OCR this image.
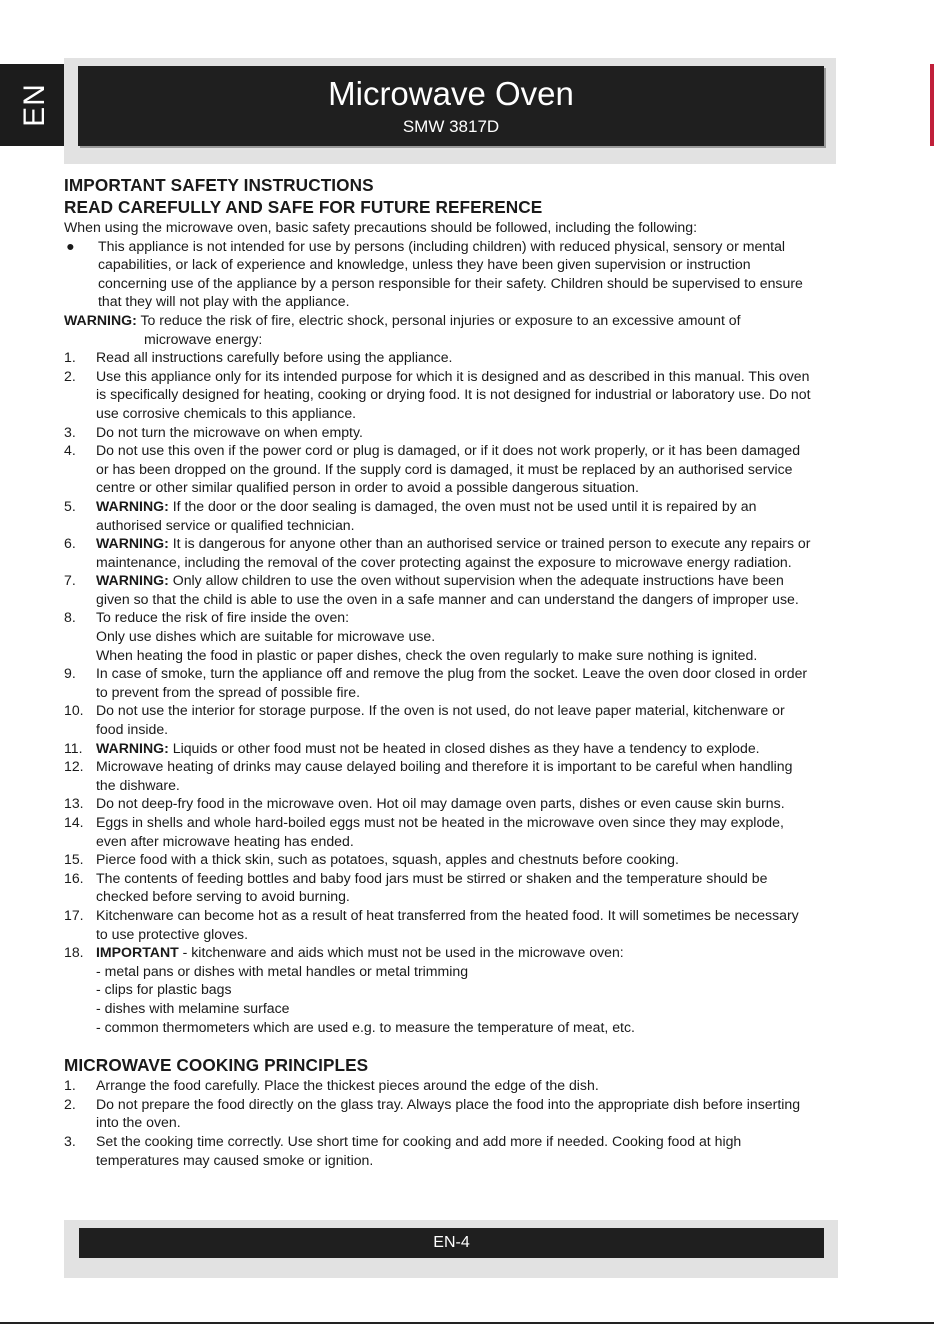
EN	Microwave Oven
SMW 3817D
IMPORTANT SAFETY INSTRUCTIONS
READ CAREFULLY AND SAFE FOR FUTURE REFERENCE

When using the microwave oven, basic safety precautions should be followed, including the following:

●	This appliance is not intended for use by persons (including children) with reduced physical, sensory or mental capabilities, or lack of experience and knowledge, unless they have been given supervision or instruction concerning use of the appliance by a person responsible for their safety. Children should be supervised to ensure that they will not play with the appliance.
WARNING: To reduce the risk of fire, electric shock, personal injuries or exposure to an excessive amount of
microwave energy:
1.	Read all instructions carefully before using the appliance.
2.	Use this appliance only for its intended purpose for which it is designed and as described in this manual. This oven is specifically designed for heating, cooking or drying food. It is not designed for industrial or laboratory use. Do not use corrosive chemicals to this appliance.
3.	Do not turn the microwave on when empty.
4.	Do not use this oven if the power cord or plug is damaged, or if it does not work properly, or it has been damaged or has been dropped on the ground. If the supply cord is damaged, it must be replaced by an authorised service centre or other similar qualified person in order to avoid a possible dangerous situation.
5.	WARNING: If the door or the door sealing is damaged, the oven must not be used until it is repaired by an authorised service or qualified technician.
6.	WARNING: It is dangerous for anyone other than an authorised service or trained person to execute any repairs or maintenance, including the removal of the cover protecting against the exposure to microwave energy radiation.
7.	WARNING: Only allow children to use the oven without supervision when the adequate instructions have been given so that the child is able to use the oven in a safe manner and can understand the dangers of improper use.
8.	To reduce the risk of fire inside the oven:
Only use dishes which are suitable for microwave use.
When heating the food in plastic or paper dishes, check the oven regularly to make sure nothing is ignited.
9.	In case of smoke, turn the appliance off and remove the plug from the socket. Leave the oven door closed in order to prevent from the spread of possible fire.
10. Do not use the interior for storage purpose. If the oven is not used, do not leave paper material, kitchenware or food inside.
11. WARNING: Liquids or other food must not be heated in closed dishes as they have a tendency to explode.
12. Microwave heating of drinks may cause delayed boiling and therefore it is important to be careful when handling the dishware.
13. Do not deep-fry food in the microwave oven. Hot oil may damage oven parts, dishes or even cause skin burns.
14. Eggs in shells and whole hard-boiled eggs must not be heated in the microwave oven since they may explode, even after microwave heating has ended.
15. Pierce food with a thick skin, such as potatoes, squash, apples and chestnuts before cooking.
16. The contents of feeding bottles and baby food jars must be stirred or shaken and the temperature should be checked before serving to avoid burning.
17. Kitchenware can become hot as a result of heat transferred from the heated food. It will sometimes be necessary to use protective gloves.
18. IMPORTANT - kitchenware and aids which must not be used in the microwave oven:
- metal pans or dishes with metal handles or metal trimming
- clips for plastic bags
- dishes with melamine surface
- common thermometers which are used e.g. to measure the temperature of meat, etc.
MICROWAVE COOKING PRINCIPLES
1.	Arrange the food carefully. Place the thickest pieces around the edge of the dish.
2.	Do not prepare the food directly on the glass tray. Always place the food into the appropriate dish before inserting into the oven.
3.	Set the cooking time correctly. Use short time for cooking and add more if needed. Cooking food at high temperatures may caused smoke or ignition.
EN-4
